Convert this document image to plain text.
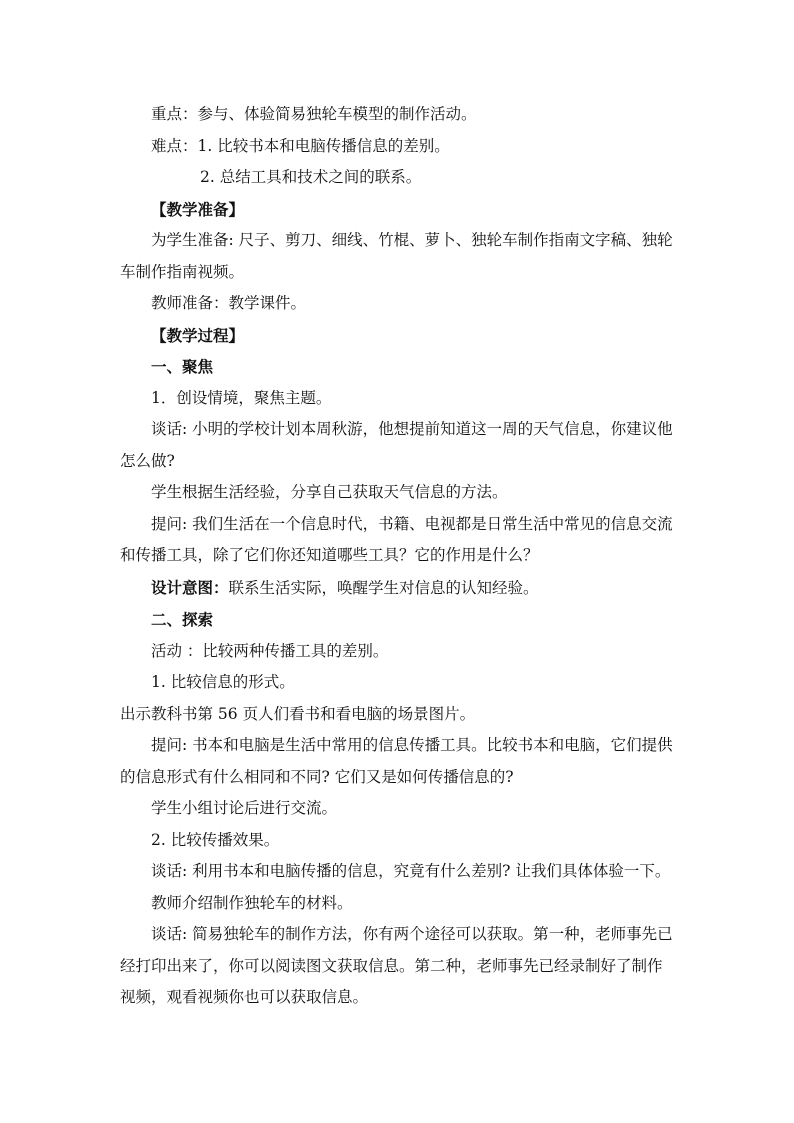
重点：参与、体验简易独轮车模型的制作活动。

难点：1. 比较书本和电脑传播信息的差别。

2. 总结工具和技术之间的联系。

【教学准备】

为学生准备: 尺子、剪刀、细线、竹棍、萝卜、独轮车制作指南文字稿、独轮车制作指南视频。

教师准备：教学课件。

【教学过程】

一、聚焦

1．创设情境，聚焦主题。

谈话: 小明的学校计划本周秋游，他想提前知道这一周的天气信息，你建议他怎么做?

学生根据生活经验，分享自己获取天气信息的方法。

提问: 我们生活在一个信息时代，书籍、电视都是日常生活中常见的信息交流和传播工具，除了它们你还知道哪些工具？它的作用是什么？

设计意图：联系生活实际，唤醒学生对信息的认知经验。

二、探索

活动 ：比较两种传播工具的差别。

1. 比较信息的形式。

出示教科书第 56 页人们看书和看电脑的场景图片。

提问: 书本和电脑是生活中常用的信息传播工具。比较书本和电脑，它们提供的信息形式有什么相同和不同? 它们又是如何传播信息的?

学生小组讨论后进行交流。

2. 比较传播效果。

谈话: 利用书本和电脑传播的信息，究竟有什么差别? 让我们具体体验一下。

教师介绍制作独轮车的材料。

谈话: 简易独轮车的制作方法，你有两个途径可以获取。第一种，老师事先已经打印出来了，你可以阅读图文获取信息。第二种，老师事先已经录制好了制作视频，观看视频你也可以获取信息。
